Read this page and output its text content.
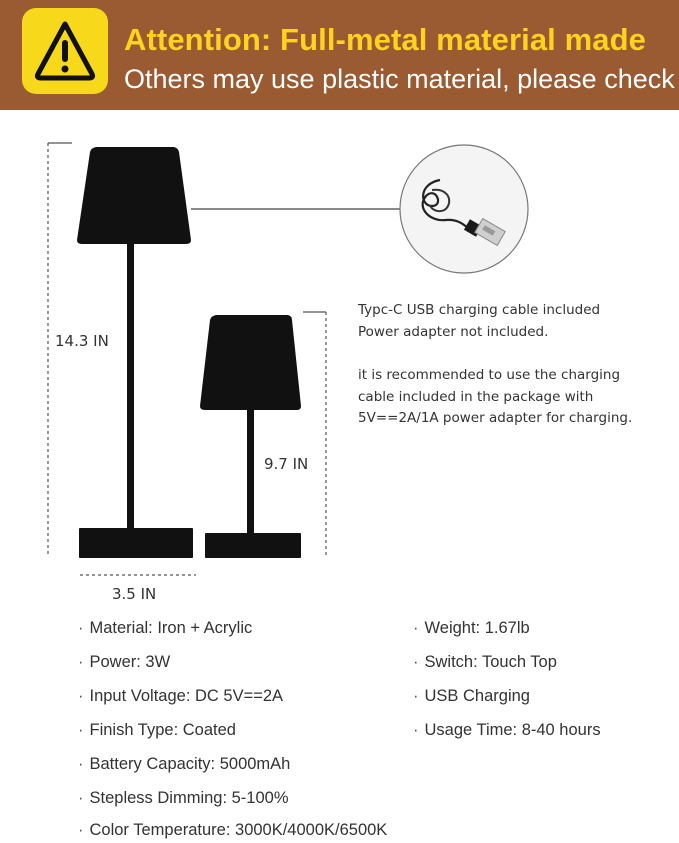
Attention: Full-metal material made
Others may use plastic material, please check
14.3 IN
9.7 IN
3.5 IN
Typc-C USB charging cable included
Power adapter not included.
it is recommended to use the charging
cable included in the package with
5V==2A/1A power adapter for charging.
· Material: Iron + Acrylic
· Power: 3W
· Input Voltage: DC 5V==2A
· Finish Type: Coated
· Battery Capacity: 5000mAh
· Stepless Dimming: 5-100%
· Color Temperature: 3000K/4000K/6500K
· Weight: 1.67lb
· Switch: Touch Top
· USB Charging
· Usage Time: 8-40 hours
